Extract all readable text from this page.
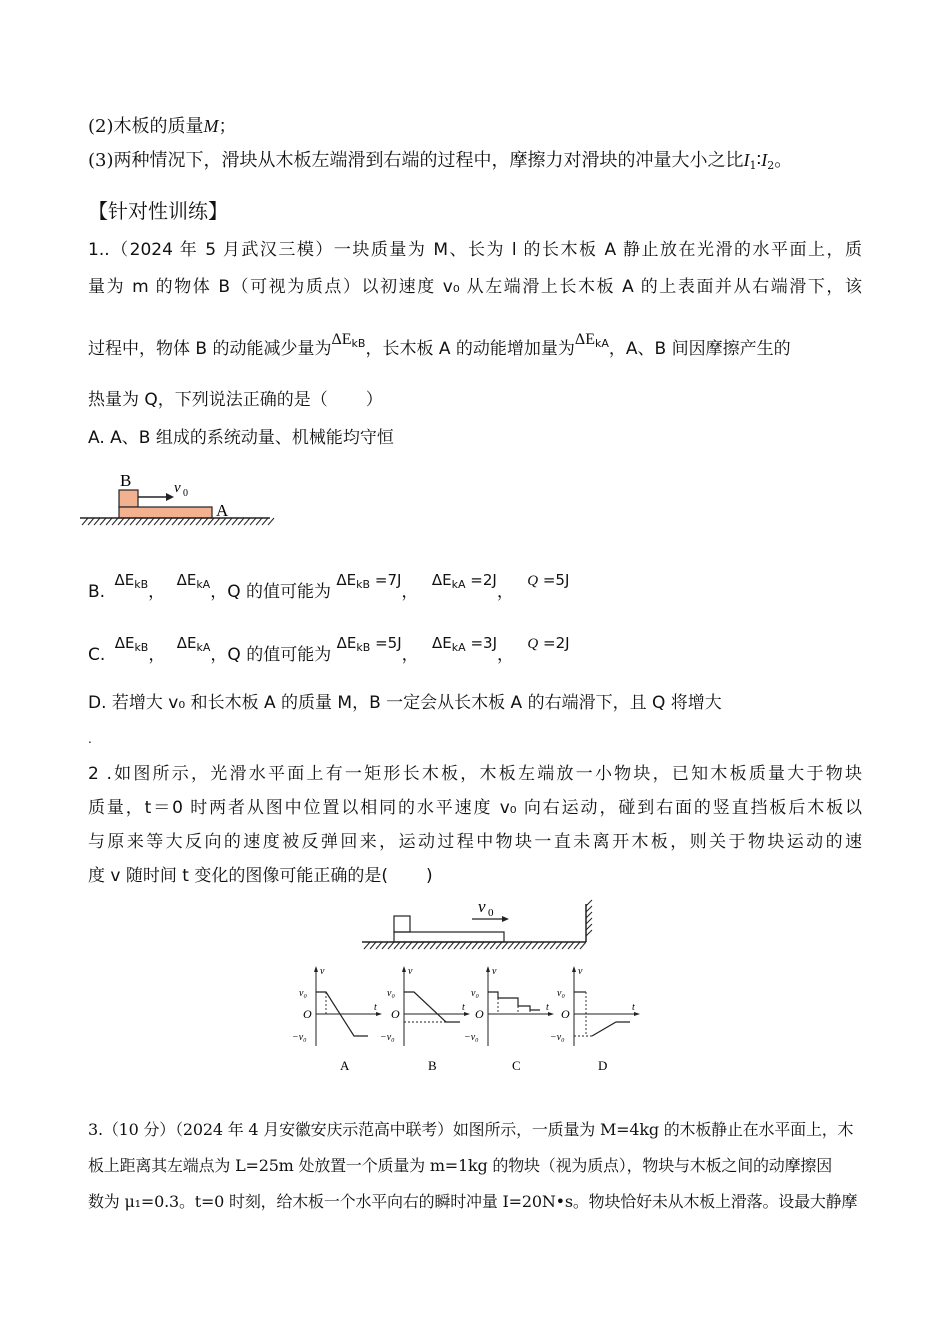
(2)木板的质量M；
(3)两种情况下，滑块从木板左端滑到右端的过程中，摩擦力对滑块的冲量大小之比$I_1∶I_2$。
【针对性训练】
1..（2024 年 5 月武汉三模）一块质量为 M、长为 l 的长木板 A 静止放在光滑的水平面上，质
量为 m 的物体 B（可视为质点）以初速度 v₀ 从左端滑上长木板 A 的上表面并从右端滑下，该
过程中，物体 B 的动能减少量为$\Delta E_{kB}$，长木板 A 的动能增加量为$\Delta E_{kA}$，A、B 间因摩擦产生的
热量为 Q，下列说法正确的是（ ）
A. A、B 组成的系统动量、机械能均守恒
B	v 0
A
B. $\Delta E_{kB}$， $\Delta E_{kA}$，Q 的值可能为 $\Delta E_{kB} =7J$， $\Delta E_{kA} =2J$， Q =5J
C. $\Delta E_{kB}$， $\Delta E_{kA}$，Q 的值可能为 $\Delta E_{kB} =5J$， $\Delta E_{kA} =3J$， Q =2J
D. 若增大 v₀ 和长木板 A 的质量 M，B 一定会从长木板 A 的右端滑下，且 Q 将增大
.
2 .如图所示，光滑水平面上有一矩形长木板，木板左端放一小物块，已知木板质量大于物块
质量，t＝0 时两者从图中位置以相同的水平速度 v₀ 向右运动，碰到右面的竖直挡板后木板以
与原来等大反向的速度被反弹回来，运动过程中物块一直未离开木板，则关于物块运动的速
度 v 随时间 t 变化的图像可能正确的是( )
v 0
v
v₀
O	t
−v₀
A
v
v₀
O	t
−v₀
B
v
v₀
O	t
−v₀
C
v
v₀
O	t
−v₀
D
3.（10 分）（2024 年 4 月安徽安庆示范高中联考）如图所示，一质量为 M=4kg 的木板静止在水平面上，木
板上距离其左端点为 L=25m 处放置一个质量为 m=1kg 的物块（视为质点），物块与木板之间的动摩擦因
数为 μ₁=0.3。t=0 时刻，给木板一个水平向右的瞬时冲量 I=20N•s。物块恰好未从木板上滑落。设最大静摩
